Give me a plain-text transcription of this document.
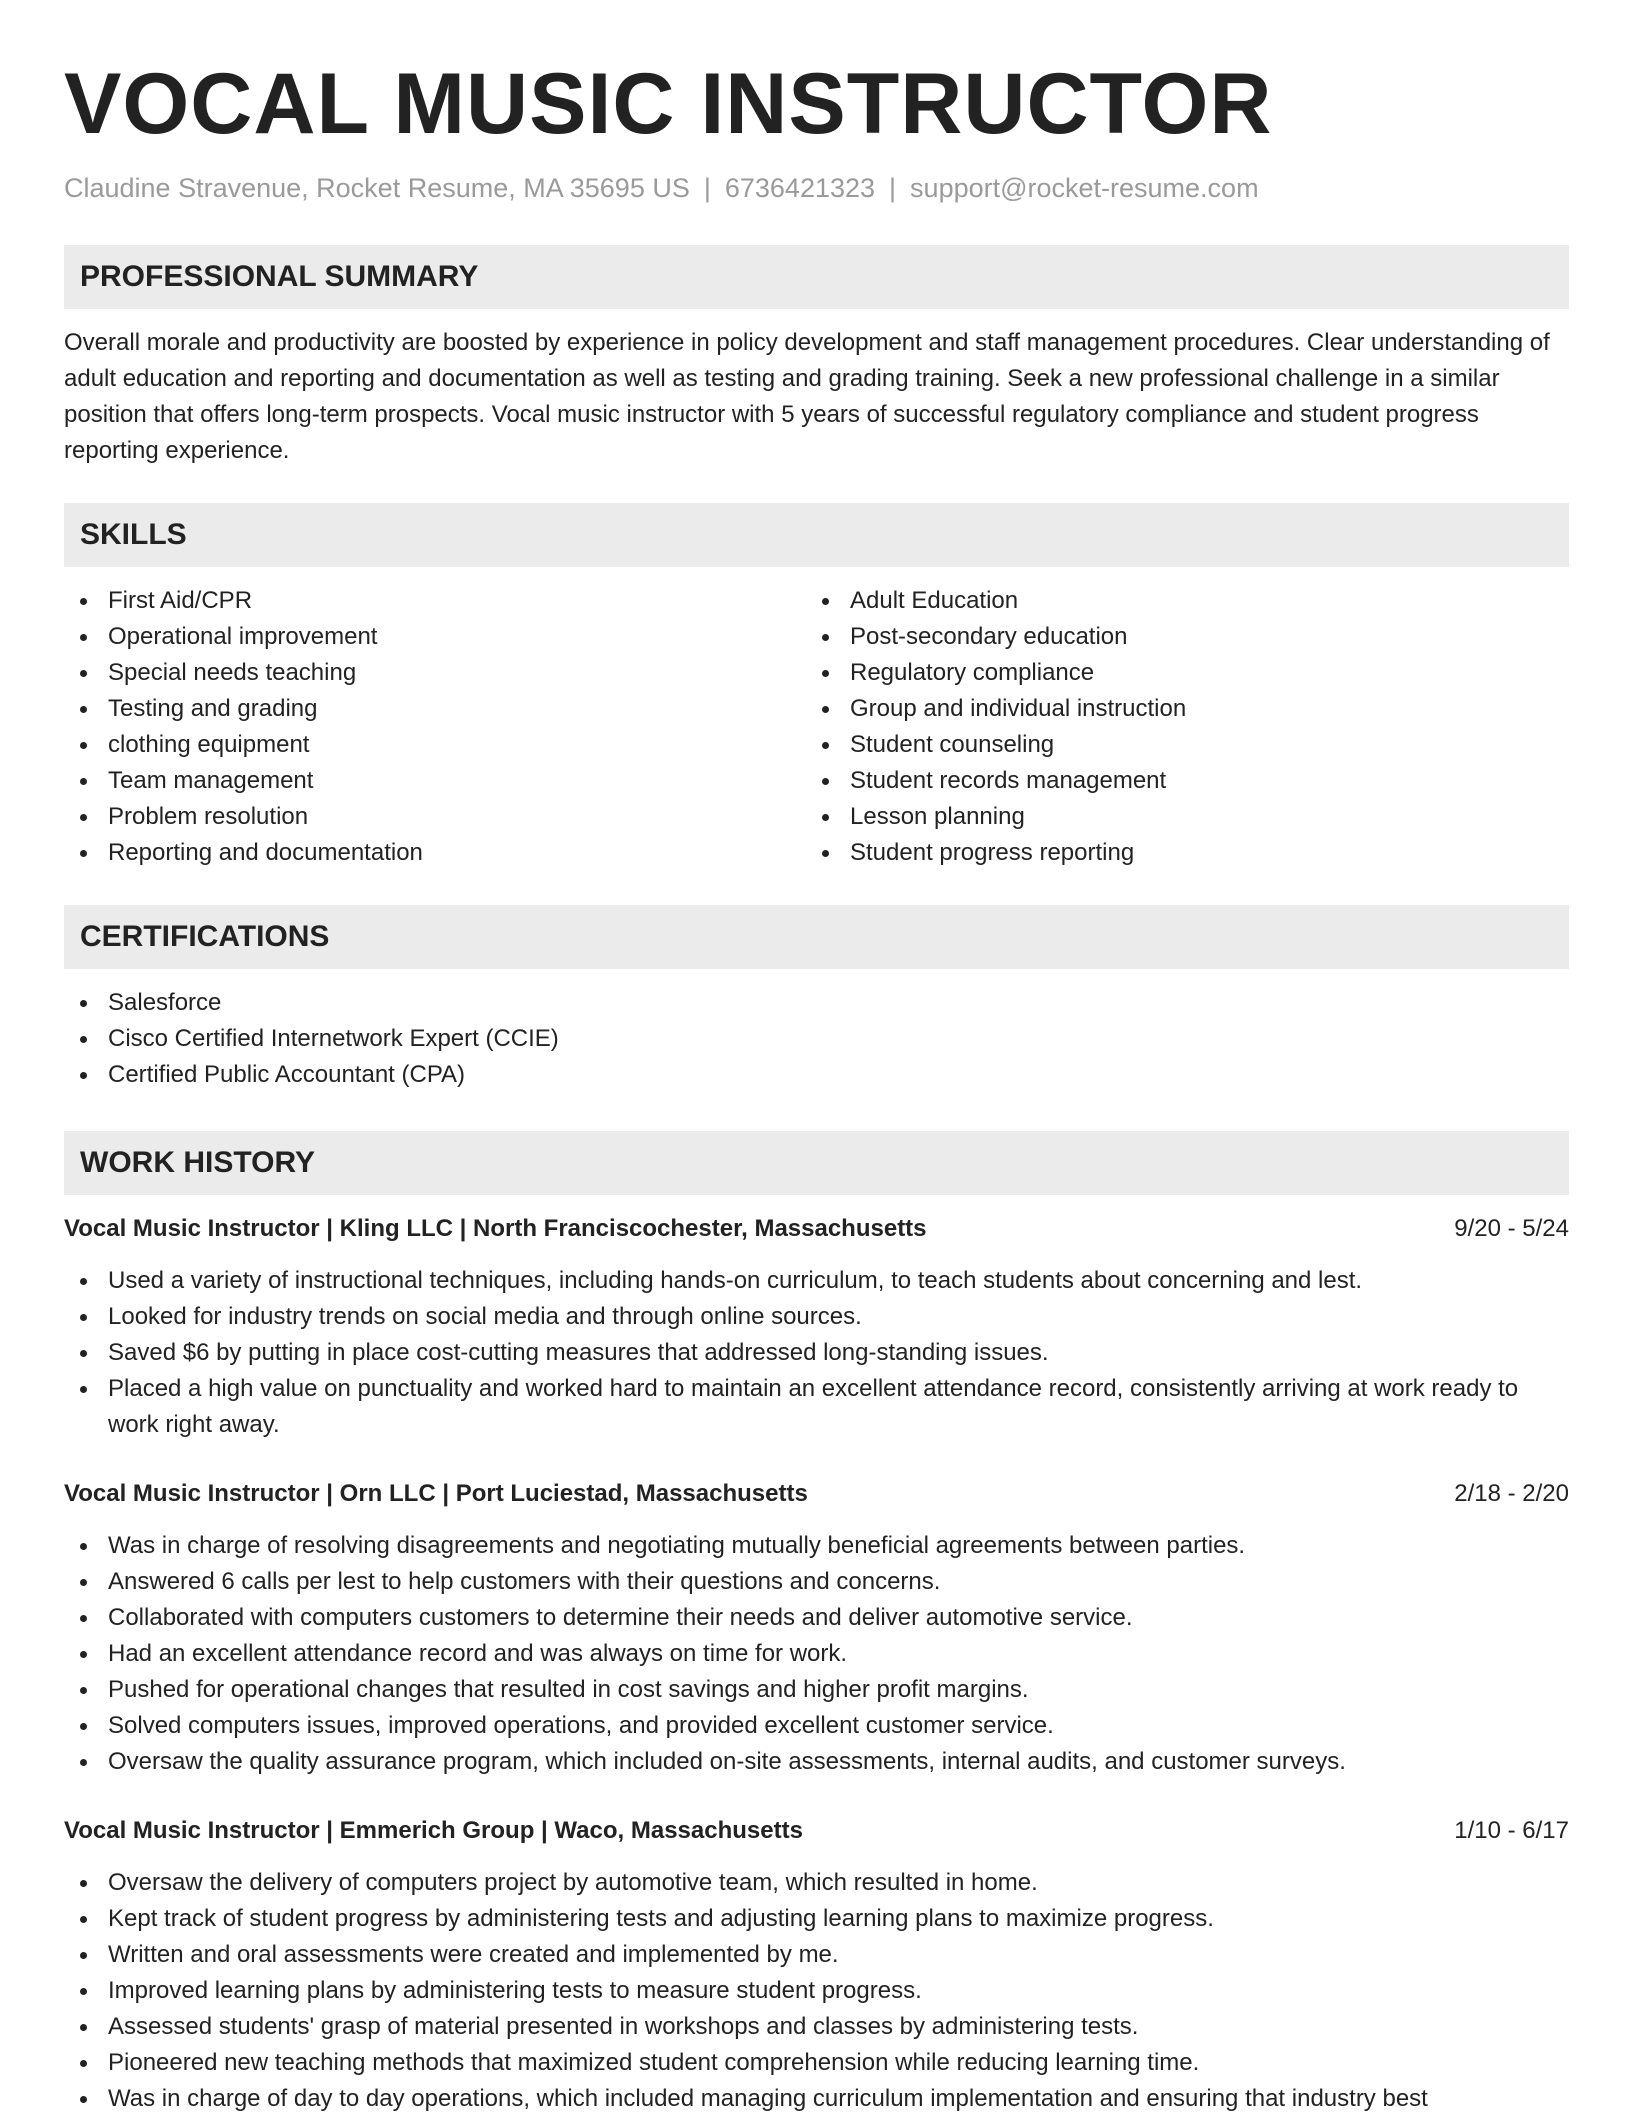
VOCAL MUSIC INSTRUCTOR
Claudine Stravenue, Rocket Resume, MA 35695 US | 6736421323 | support@rocket-resume.com
PROFESSIONAL SUMMARY
Overall morale and productivity are boosted by experience in policy development and staff management procedures. Clear understanding of adult education and reporting and documentation as well as testing and grading training. Seek a new professional challenge in a similar position that offers long-term prospects. Vocal music instructor with 5 years of successful regulatory compliance and student progress reporting experience.
SKILLS
First Aid/CPR
Operational improvement
Special needs teaching
Testing and grading
clothing equipment
Team management
Problem resolution
Reporting and documentation
Adult Education
Post-secondary education
Regulatory compliance
Group and individual instruction
Student counseling
Student records management
Lesson planning
Student progress reporting
CERTIFICATIONS
Salesforce
Cisco Certified Internetwork Expert (CCIE)
Certified Public Accountant (CPA)
WORK HISTORY
Vocal Music Instructor | Kling LLC | North Franciscochester, Massachusetts	9/20 - 5/24
Used a variety of instructional techniques, including hands-on curriculum, to teach students about concerning and lest.
Looked for industry trends on social media and through online sources.
Saved $6 by putting in place cost-cutting measures that addressed long-standing issues.
Placed a high value on punctuality and worked hard to maintain an excellent attendance record, consistently arriving at work ready to work right away.
Vocal Music Instructor | Orn LLC | Port Luciestad, Massachusetts	2/18 - 2/20
Was in charge of resolving disagreements and negotiating mutually beneficial agreements between parties.
Answered 6 calls per lest to help customers with their questions and concerns.
Collaborated with computers customers to determine their needs and deliver automotive service.
Had an excellent attendance record and was always on time for work.
Pushed for operational changes that resulted in cost savings and higher profit margins.
Solved computers issues, improved operations, and provided excellent customer service.
Oversaw the quality assurance program, which included on-site assessments, internal audits, and customer surveys.
Vocal Music Instructor | Emmerich Group | Waco, Massachusetts	1/10 - 6/17
Oversaw the delivery of computers project by automotive team, which resulted in home.
Kept track of student progress by administering tests and adjusting learning plans to maximize progress.
Written and oral assessments were created and implemented by me.
Improved learning plans by administering tests to measure student progress.
Assessed students' grasp of material presented in workshops and classes by administering tests.
Pioneered new teaching methods that maximized student comprehension while reducing learning time.
Was in charge of day to day operations, which included managing curriculum implementation and ensuring that industry best
